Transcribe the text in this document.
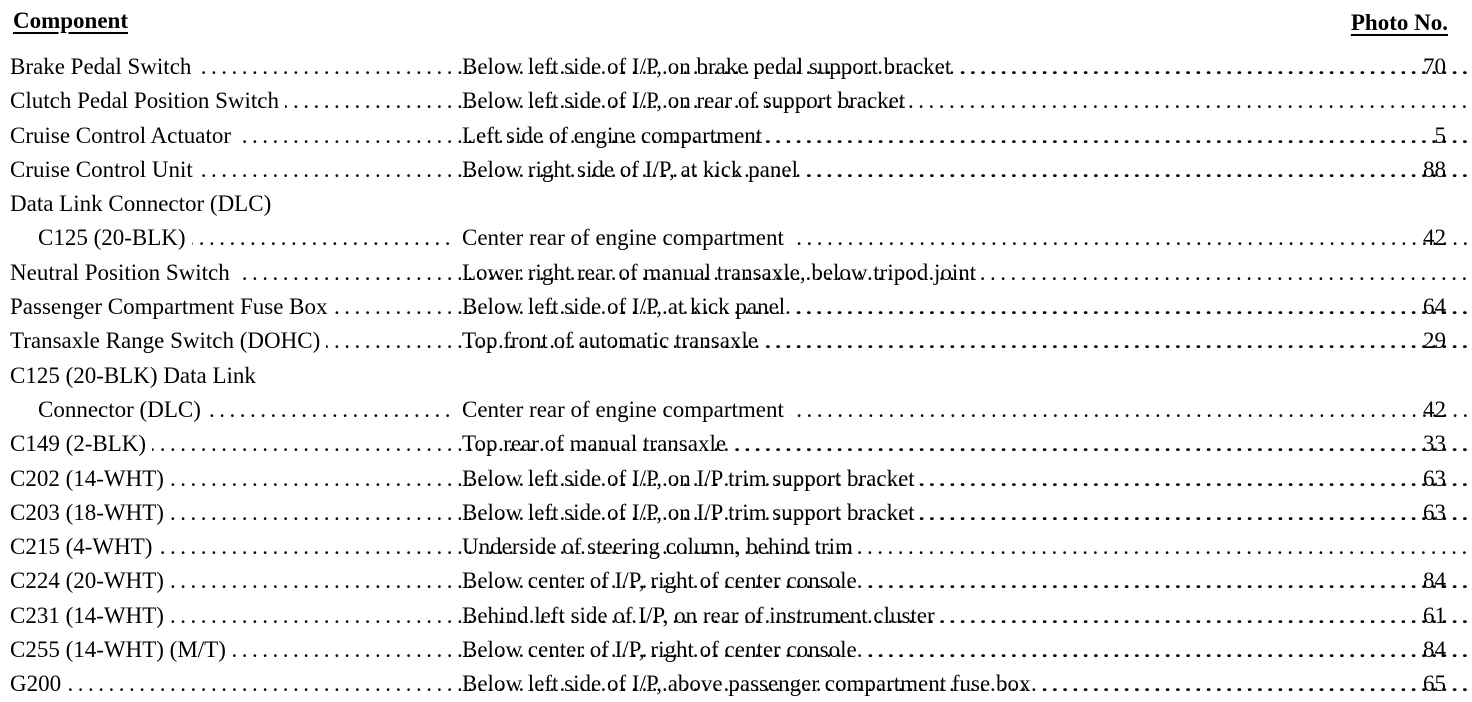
Component	Photo No.
Brake Pedal Switch .....	Below left side of I/P, on brake pedal support bracket .....	70
Clutch Pedal Position Switch .....	Below left side of I/P, on rear of support bracket
Cruise Control Actuator .....	Left side of engine compartment .....	5
Cruise Control Unit .....	Below right side of I/P, at kick panel .....	88
Data Link Connector (DLC)
C125 (20-BLK) .....	Center rear of engine compartment .....	42
Neutral Position Switch .....	Lower right rear of manual transaxle, below tripod joint
Passenger Compartment Fuse Box .....	Below left side of I/P, at kick panel .....	64
Transaxle Range Switch (DOHC) .....	Top front of automatic transaxle .....	29
C125 (20-BLK) Data Link
Connector (DLC) .....	Center rear of engine compartment .....	42
C149 (2-BLK) .....	Top rear of manual transaxle .....	33
C202 (14-WHT) .....	Below left side of I/P, on I/P trim support bracket .....	63
C203 (18-WHT) .....	Below left side of I/P, on I/P trim support bracket .....	63
C215 (4-WHT) .....	Underside of steering column, behind trim
C224 (20-WHT) .....	Below center of I/P, right of center console .....	84
C231 (14-WHT) .....	Behind left side of I/P, on rear of instrument cluster .....	61
C255 (14-WHT) (M/T) .....	Below center of I/P, right of center console .....	84
G200 .....	Below left side of I/P, above passenger compartment fuse box .....	65
